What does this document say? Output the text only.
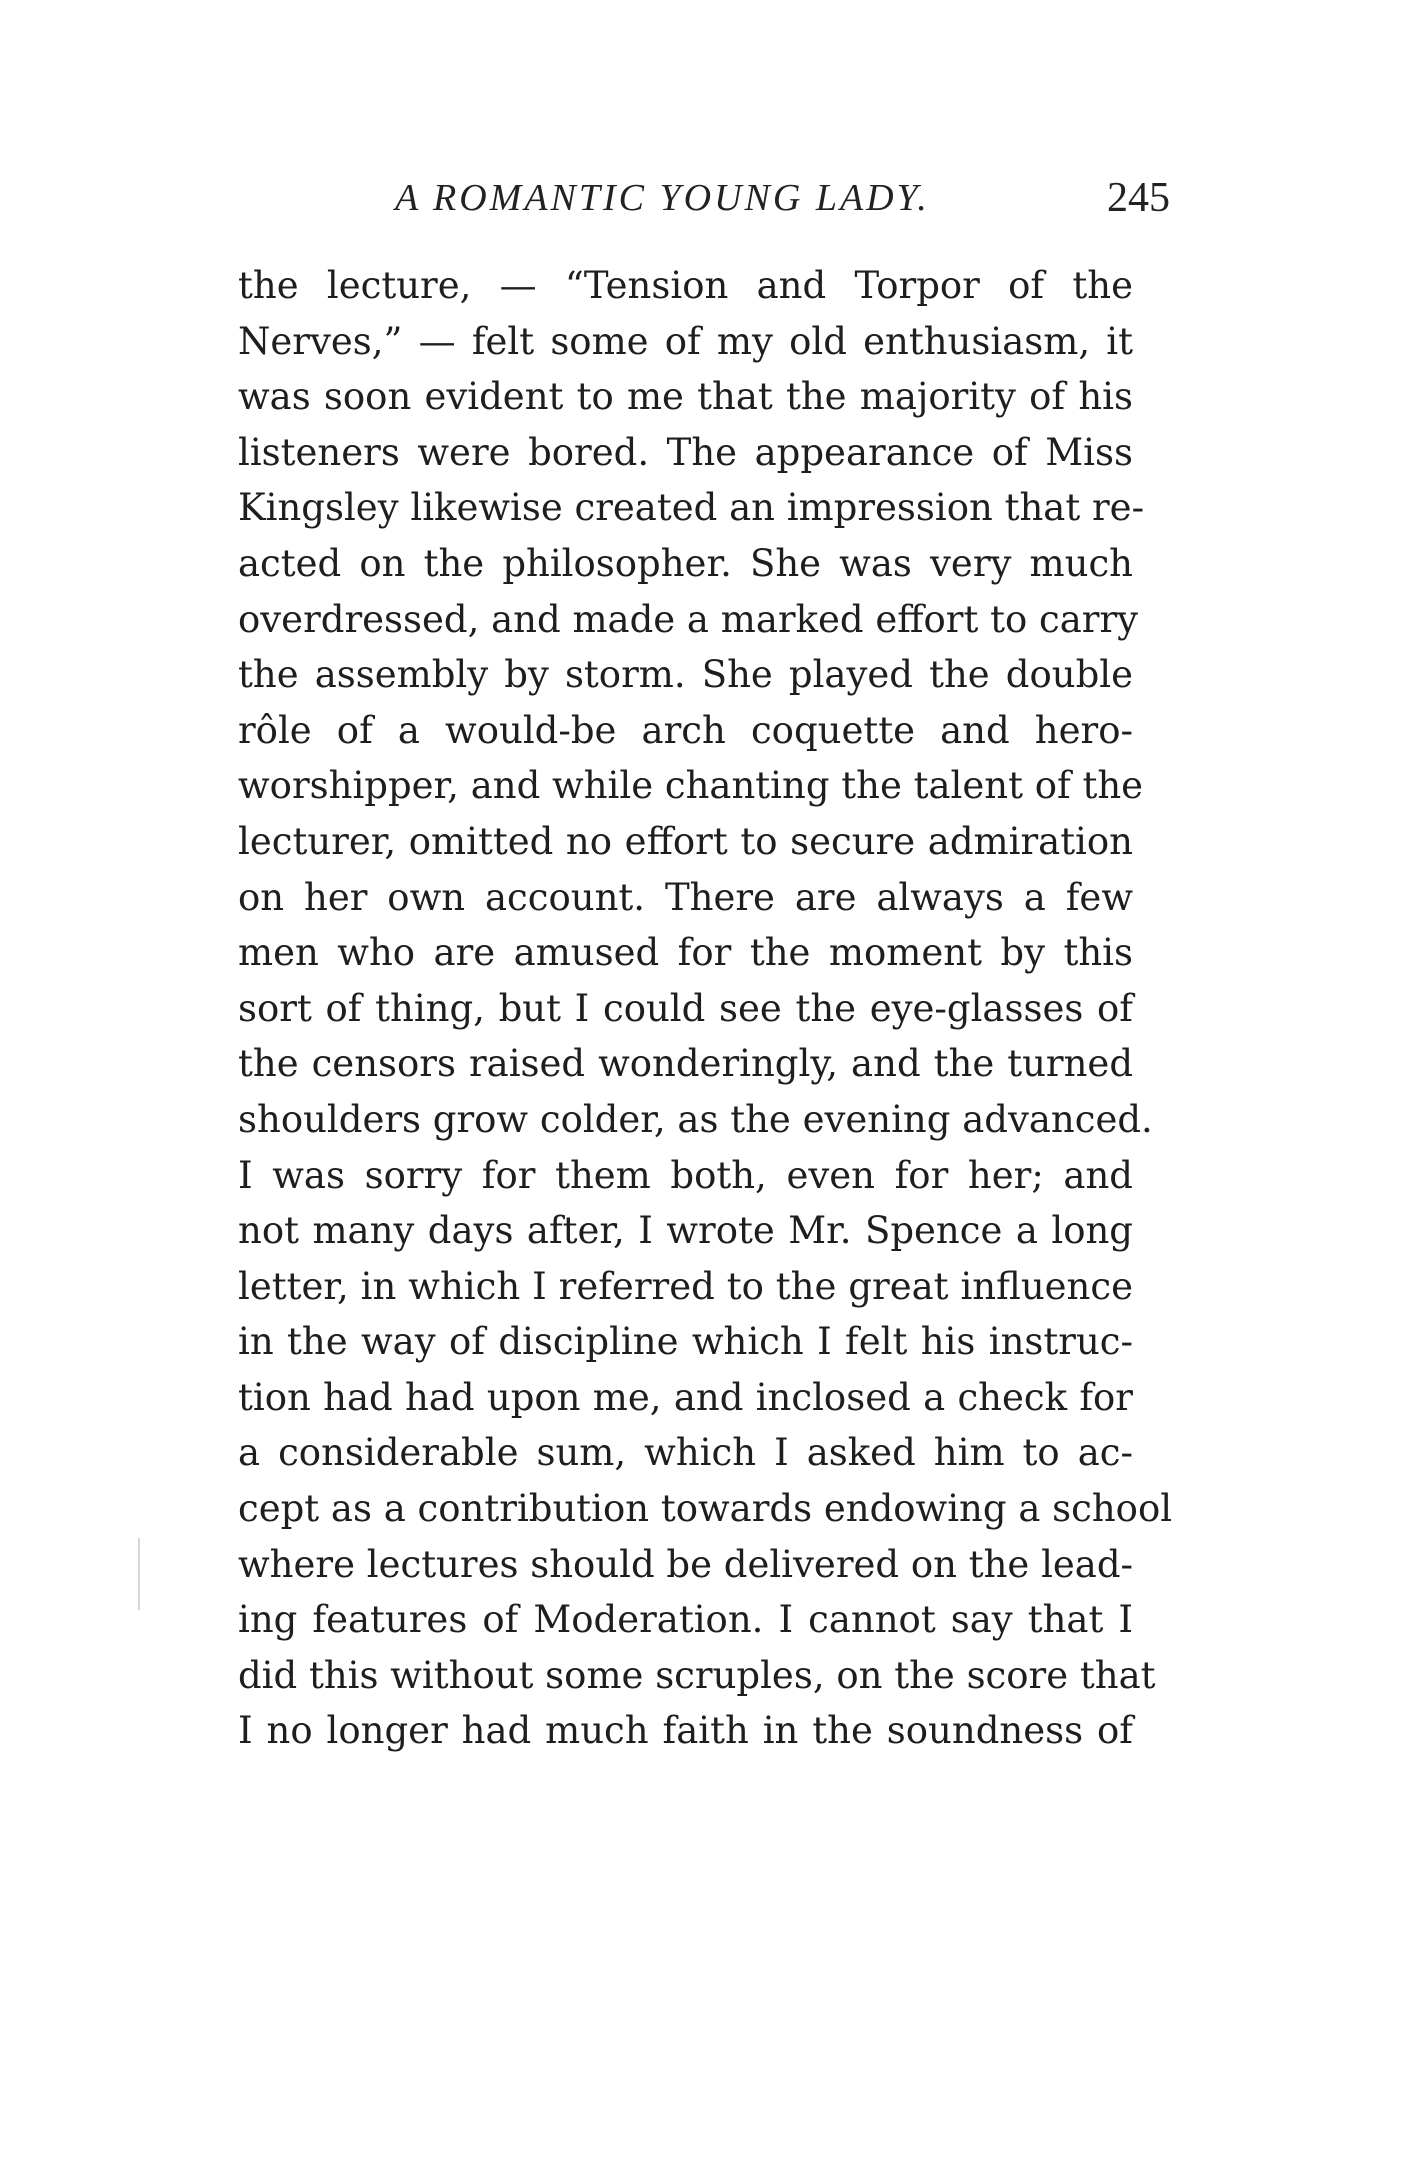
A ROMANTIC YOUNG LADY.	245
the lecture, — “Tension and Torpor of the
Nerves,” — felt some of my old enthusiasm, it
was soon evident to me that the majority of his
listeners were bored. The appearance of Miss
Kingsley likewise created an impression that re-
acted on the philosopher. She was very much
overdressed, and made a marked effort to carry
the assembly by storm. She played the double
rôle of a would-be arch coquette and hero-
worshipper, and while chanting the talent of the
lecturer, omitted no effort to secure admiration
on her own account. There are always a few
men who are amused for the moment by this
sort of thing, but I could see the eye-glasses of
the censors raised wonderingly, and the turned
shoulders grow colder, as the evening advanced.
I was sorry for them both, even for her; and
not many days after, I wrote Mr. Spence a long
letter, in which I referred to the great influence
in the way of discipline which I felt his instruc-
tion had had upon me, and inclosed a check for
a considerable sum, which I asked him to ac-
cept as a contribution towards endowing a school
where lectures should be delivered on the lead-
ing features of Moderation. I cannot say that I
did this without some scruples, on the score that
I no longer had much faith in the soundness of
